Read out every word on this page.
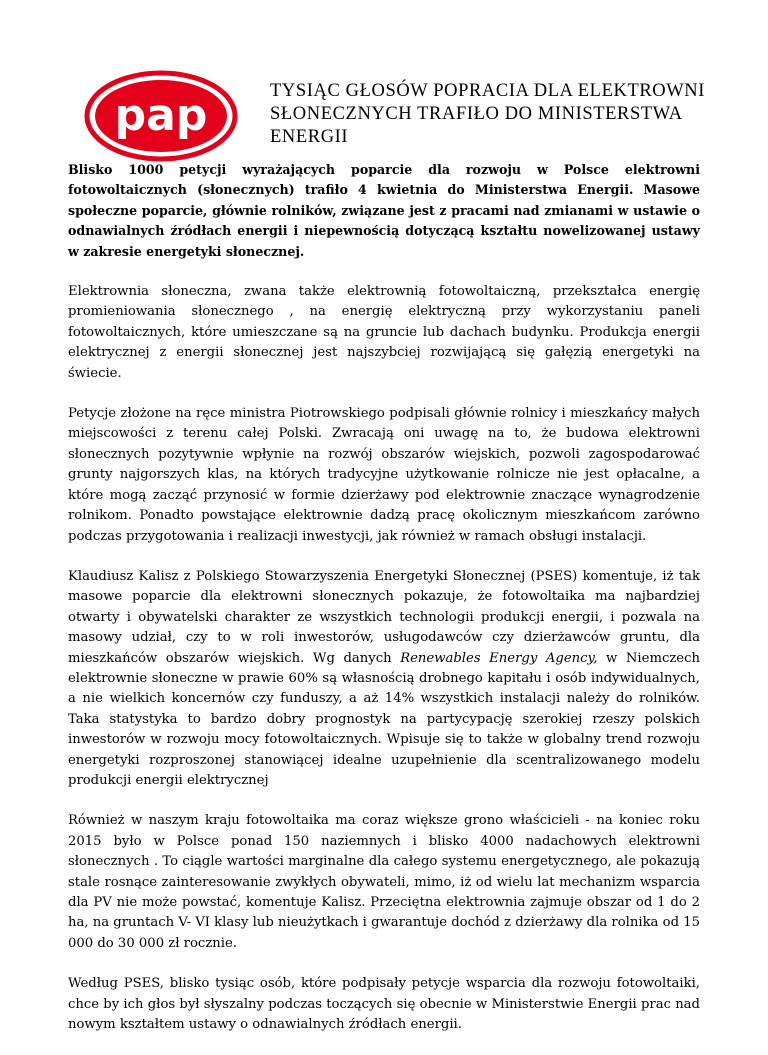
pap	TYSIĄC GŁOSÓW POPRACIA DLA ELEKTROWNI SŁONECZNYCH TRAFIŁO DO MINISTERSTWA ENERGII

Blisko 1000 petycji wyrażających poparcie dla rozwoju w Polsce elektrowni fotowoltaicznych (słonecznych) trafiło 4 kwietnia do Ministerstwa Energii. Masowe społeczne poparcie, głównie rolników, związane jest z pracami nad zmianami w ustawie o odnawialnych źródłach energii i niepewnością dotyczącą kształtu nowelizowanej ustawy w zakresie energetyki słonecznej.

Elektrownia słoneczna, zwana także elektrownią fotowoltaiczną, przekształca energię promieniowania słonecznego , na energię elektryczną przy wykorzystaniu paneli fotowoltaicznych, które umieszczane są na gruncie lub dachach budynku. Produkcja energii elektrycznej z energii słonecznej jest najszybciej rozwijającą się gałęzią energetyki na świecie.

Petycje złożone na ręce ministra Piotrowskiego podpisali głównie rolnicy i mieszkańcy małych miejscowości z terenu całej Polski. Zwracają oni uwagę na to, że budowa elektrowni słonecznych pozytywnie wpłynie na rozwój obszarów wiejskich, pozwoli zagospodarować grunty najgorszych klas, na których tradycyjne użytkowanie rolnicze nie jest opłacalne, a które mogą zacząć przynosić w formie dzierżawy pod elektrownie znaczące wynagrodzenie rolnikom. Ponadto powstające elektrownie dadzą pracę okolicznym mieszkańcom zarówno podczas przygotowania i realizacji inwestycji, jak również w ramach obsługi instalacji.

Klaudiusz Kalisz z Polskiego Stowarzyszenia Energetyki Słonecznej (PSES) komentuje, iż tak masowe poparcie dla elektrowni słonecznych pokazuje, że fotowoltaika ma najbardziej otwarty i obywatelski charakter ze wszystkich technologii produkcji energii, i pozwala na masowy udział, czy to w roli inwestorów, usługodawców czy dzierżawców gruntu, dla mieszkańców obszarów wiejskich. Wg danych Renewables Energy Agency, w Niemczech elektrownie słoneczne w prawie 60% są własnością drobnego kapitału i osób indywidualnych, a nie wielkich koncernów czy funduszy, a aż 14% wszystkich instalacji należy do rolników. Taka statystyka to bardzo dobry prognostyk na partycypację szerokiej rzeszy polskich inwestorów w rozwoju mocy fotowoltaicznych. Wpisuje się to także w globalny trend rozwoju energetyki rozproszonej stanowiącej idealne uzupełnienie dla scentralizowanego modelu produkcji energii elektrycznej

Również w naszym kraju fotowoltaika ma coraz większe grono właścicieli - na koniec roku 2015 było w Polsce ponad 150 naziemnych i blisko 4000 nadachowych elektrowni słonecznych . To ciągle wartości marginalne dla całego systemu energetycznego, ale pokazują stale rosnące zainteresowanie zwykłych obywateli, mimo, iż od wielu lat mechanizm wsparcia dla PV nie może powstać, komentuje Kalisz. Przeciętna elektrownia zajmuje obszar od 1 do 2 ha, na gruntach V- VI klasy lub nieużytkach i gwarantuje dochód z dzierżawy dla rolnika od 15 000 do 30 000 zł rocznie.

Według PSES, blisko tysiąc osób, które podpisały petycje wsparcia dla rozwoju fotowoltaiki, chce by ich głos był słyszalny podczas toczących się obecnie w Ministerstwie Energii prac nad nowym kształtem ustawy o odnawialnych źródłach energii.
